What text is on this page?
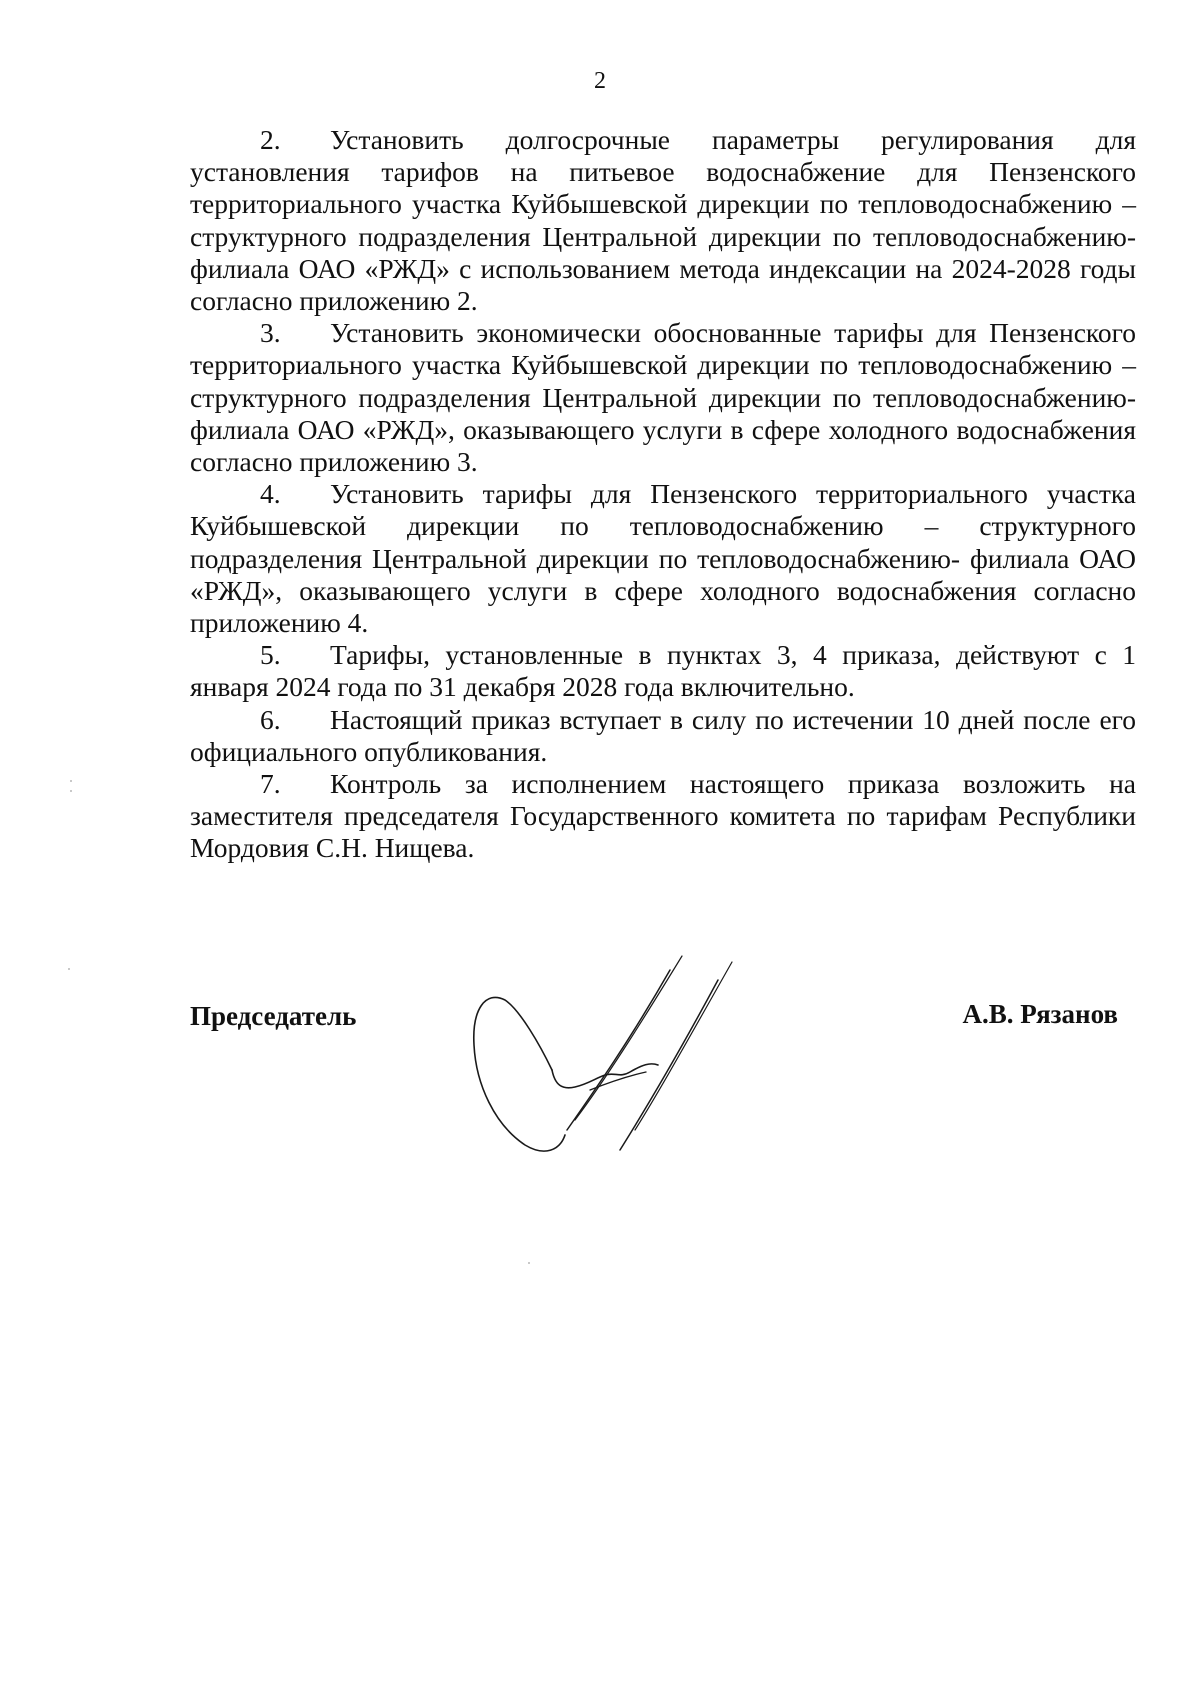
2

2. Установить долгосрочные параметры регулирования для установления тарифов на питьевое водоснабжение для Пензенского территориального участка Куйбышевской дирекции по тепловодоснабжению – структурного подразделения Центральной дирекции по тепловодоснабжению- филиала ОАО «РЖД» с использованием метода индексации на 2024-2028 годы согласно приложению 2.

3. Установить экономически обоснованные тарифы для Пензенского территориального участка Куйбышевской дирекции по тепловодоснабжению – структурного подразделения Центральной дирекции по тепловодоснабжению- филиала ОАО «РЖД», оказывающего услуги в сфере холодного водоснабжения согласно приложению 3.

4. Установить тарифы для Пензенского территориального участка Куйбышевской дирекции по тепловодоснабжению – структурного подразделения Центральной дирекции по тепловодоснабжению- филиала ОАО «РЖД», оказывающего услуги в сфере холодного водоснабжения согласно приложению 4.

5. Тарифы, установленные в пунктах 3, 4 приказа, действуют с 1 января 2024 года по 31 декабря 2028 года включительно.

6. Настоящий приказ вступает в силу по истечении 10 дней после его официального опубликования.

7. Контроль за исполнением настоящего приказа возложить на заместителя председателя Государственного комитета по тарифам Республики Мордовия С.Н. Нищева.

Председатель	А.В. Рязанов
